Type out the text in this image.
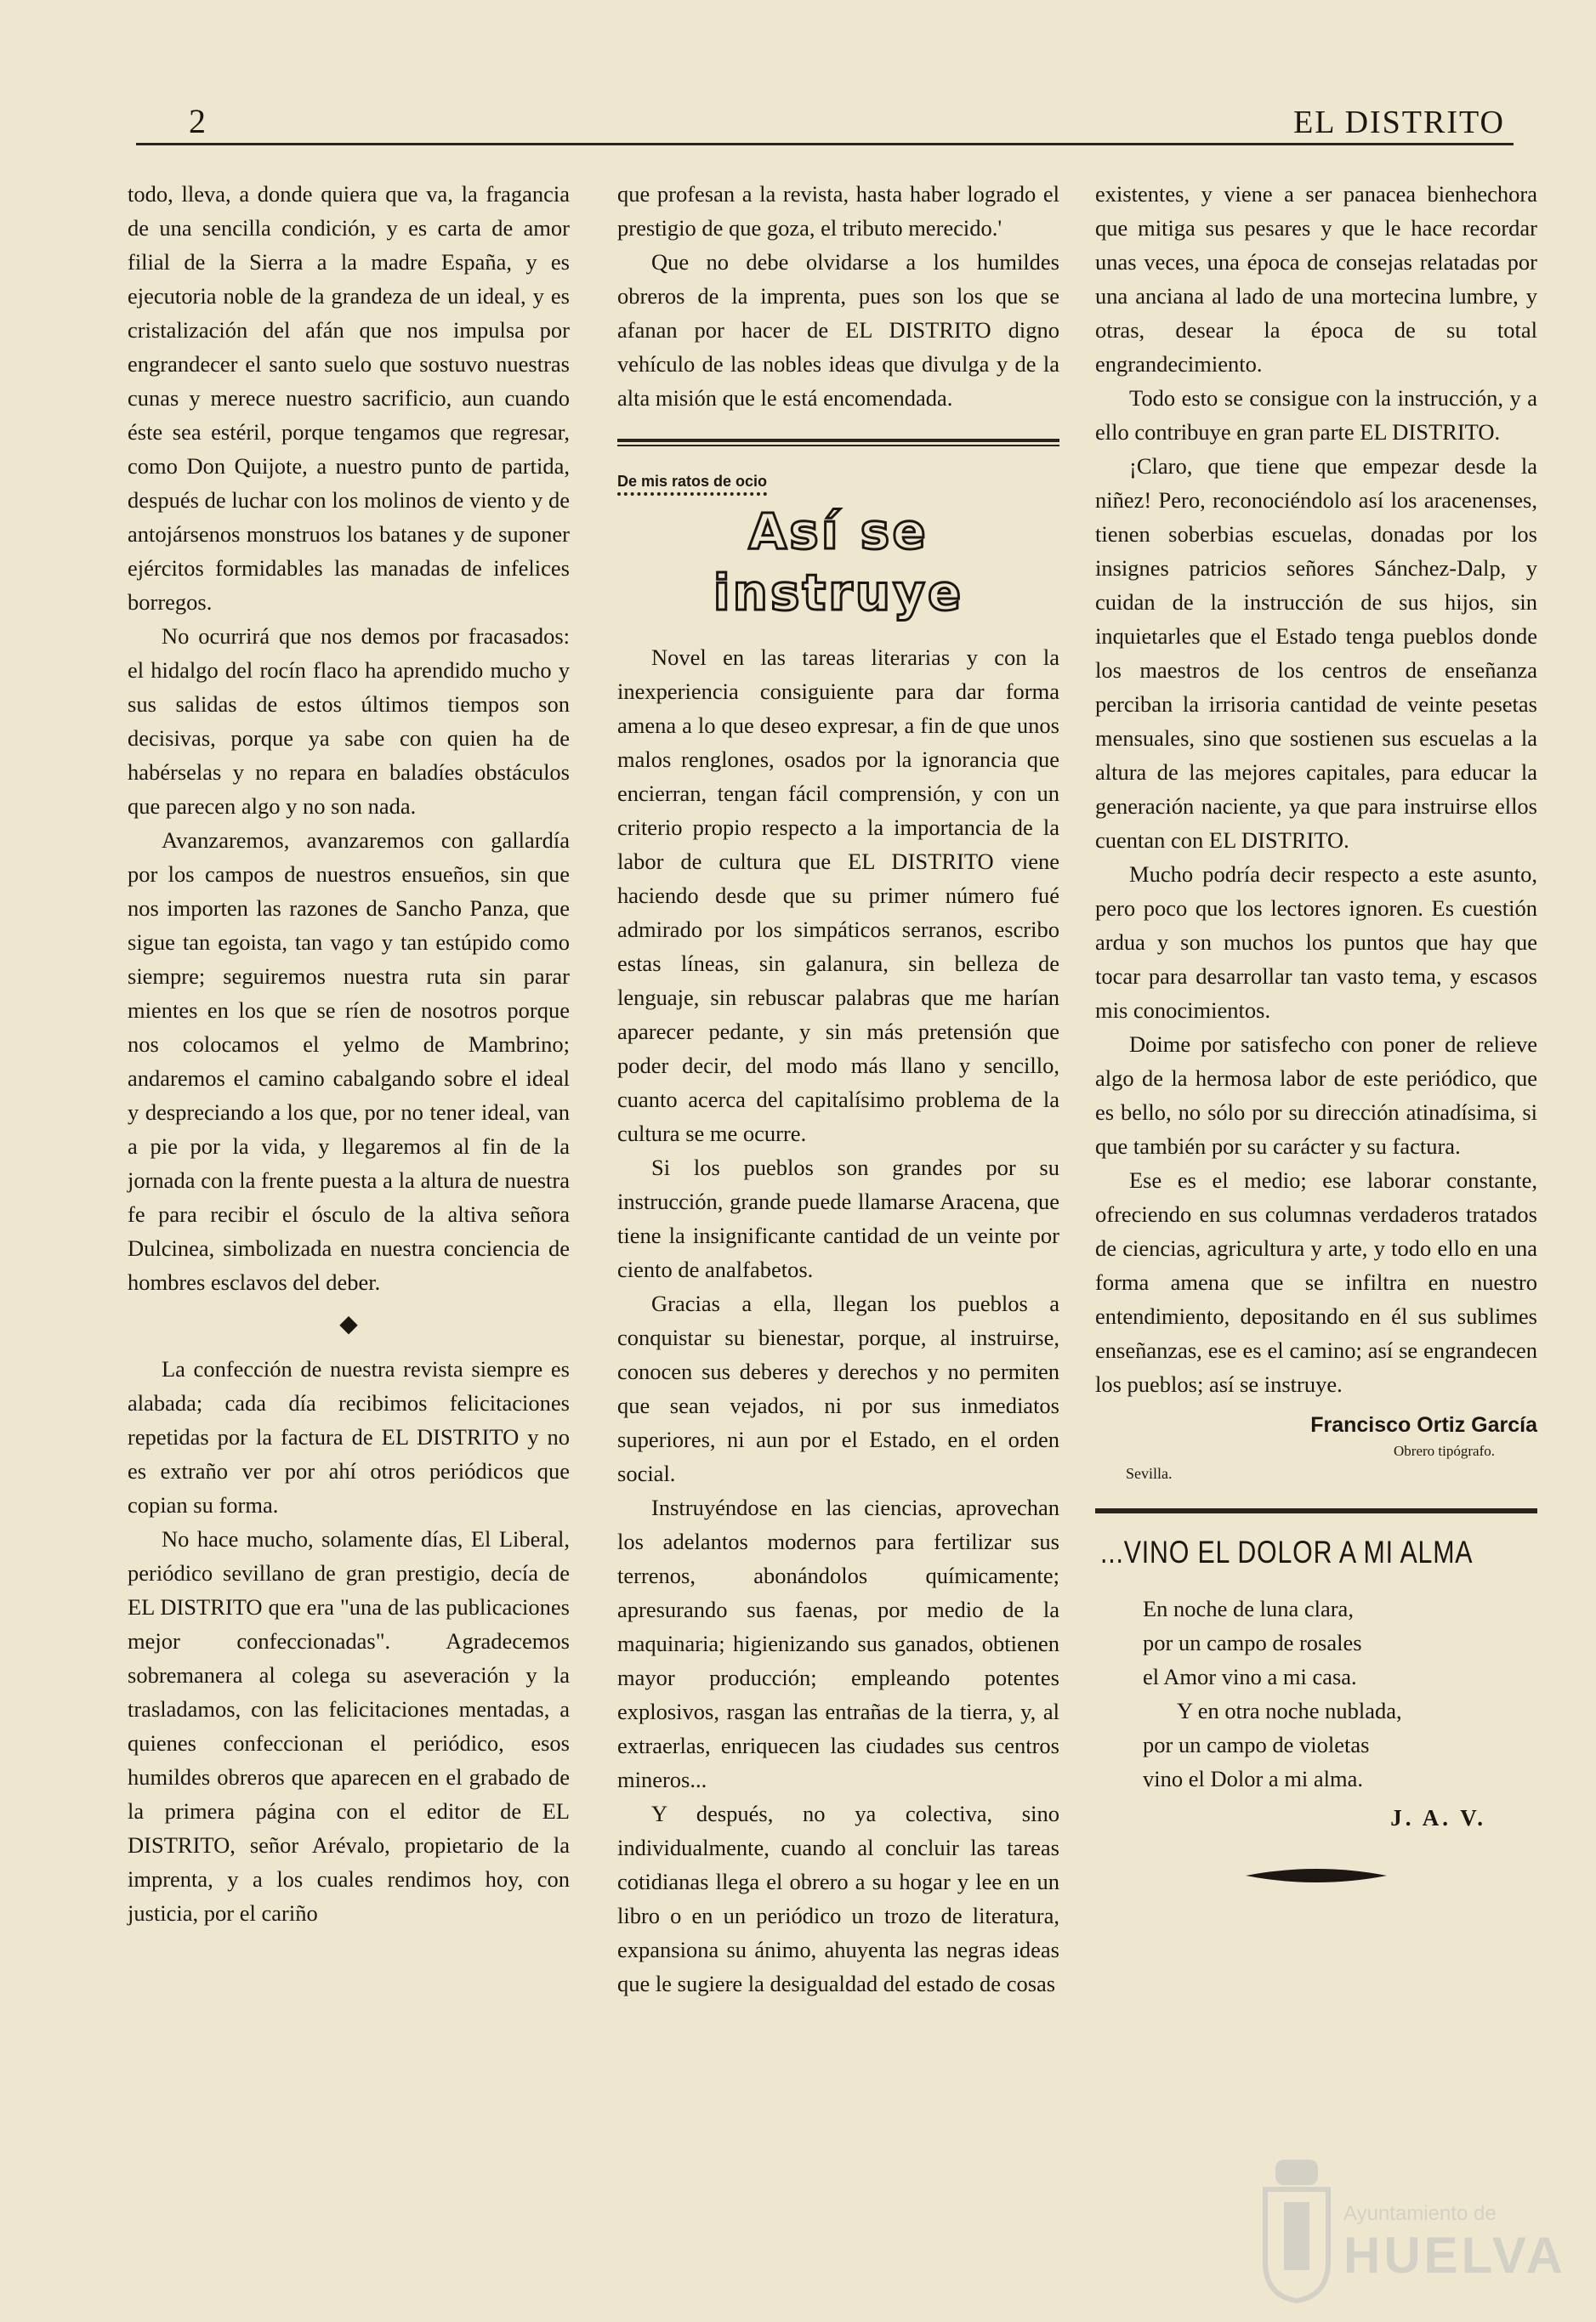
2	EL DISTRITO

todo, lleva, a donde quiera que va, la fragancia de una sencilla condición, y es carta de amor filial de la Sierra a la madre España, y es ejecutoria noble de la grandeza de un ideal, y es cristalización del afán que nos impulsa por engrandecer el santo suelo que sostuvo nuestras cunas y merece nuestro sacrificio, aun cuando éste sea estéril, porque tengamos que regresar, como Don Quijote, a nuestro punto de partida, después de luchar con los molinos de viento y de antojársenos monstruos los batanes y de suponer ejércitos formidables las manadas de infelices borregos.

No ocurrirá que nos demos por fracasados: el hidalgo del rocín flaco ha aprendido mucho y sus salidas de estos últimos tiempos son decisivas, porque ya sabe con quien ha de habérselas y no repara en baladíes obstáculos que parecen algo y no son nada.

Avanzaremos, avanzaremos con gallardía por los campos de nuestros ensueños, sin que nos importen las razones de Sancho Panza, que sigue tan egoista, tan vago y tan estúpido como siempre; seguiremos nuestra ruta sin parar mientes en los que se ríen de nosotros porque nos colocamos el yelmo de Mambrino; andaremos el camino cabalgando sobre el ideal y despreciando a los que, por no tener ideal, van a pie por la vida, y llegaremos al fin de la jornada con la frente puesta a la altura de nuestra fe para recibir el ósculo de la altiva señora Dulcinea, simbolizada en nuestra conciencia de hombres esclavos del deber.

◆

La confección de nuestra revista siempre es alabada; cada día recibimos felicitaciones repetidas por la factura de EL DISTRITO y no es extraño ver por ahí otros periódicos que copian su forma.

No hace mucho, solamente días, El Liberal, periódico sevillano de gran prestigio, decía de EL DISTRITO que era "una de las publicaciones mejor confeccionadas". Agradecemos sobremanera al colega su aseveración y la trasladamos, con las felicitaciones mentadas, a quienes confeccionan el periódico, esos humildes obreros que aparecen en el grabado de la primera página con el editor de EL DISTRITO, señor Arévalo, propietario de la imprenta, y a los cuales rendimos hoy, con justicia, por el cariño

que profesan a la revista, hasta haber logrado el prestigio de que goza, el tributo merecido.'

Que no debe olvidarse a los humildes obreros de la imprenta, pues son los que se afanan por hacer de EL DISTRITO digno vehículo de las nobles ideas que divulga y de la alta misión que le está encomendada.

De mis ratos de ocio
Así se instruye

Novel en las tareas literarias y con la inexperiencia consiguiente para dar forma amena a lo que deseo expresar, a fin de que unos malos renglones, osados por la ignorancia que encierran, tengan fácil comprensión, y con un criterio propio respecto a la importancia de la labor de cultura que EL DISTRITO viene haciendo desde que su primer número fué admirado por los simpáticos serranos, escribo estas líneas, sin galanura, sin belleza de lenguaje, sin rebuscar palabras que me harían aparecer pedante, y sin más pretensión que poder decir, del modo más llano y sencillo, cuanto acerca del capitalísimo problema de la cultura se me ocurre.

Si los pueblos son grandes por su instrucción, grande puede llamarse Aracena, que tiene la insignificante cantidad de un veinte por ciento de analfabetos.

Gracias a ella, llegan los pueblos a conquistar su bienestar, porque, al instruirse, conocen sus deberes y derechos y no permiten que sean vejados, ni por sus inmediatos superiores, ni aun por el Estado, en el orden social.

Instruyéndose en las ciencias, aprovechan los adelantos modernos para fertilizar sus terrenos, abonándolos químicamente; apresurando sus faenas, por medio de la maquinaria; higienizando sus ganados, obtienen mayor producción; empleando potentes explosivos, rasgan las entrañas de la tierra, y, al extraerlas, enriquecen las ciudades sus centros mineros...

Y después, no ya colectiva, sino individualmente, cuando al concluir las tareas cotidianas llega el obrero a su hogar y lee en un libro o en un periódico un trozo de literatura, expansiona su ánimo, ahuyenta las negras ideas que le sugiere la desigualdad del estado de cosas

existentes, y viene a ser panacea bienhechora que mitiga sus pesares y que le hace recordar unas veces, una época de consejas relatadas por una anciana al lado de una mortecina lumbre, y otras, desear la época de su total engrandecimiento.

Todo esto se consigue con la instrucción, y a ello contribuye en gran parte EL DISTRITO.

¡Claro, que tiene que empezar desde la niñez! Pero, reconociéndolo así los aracenenses, tienen soberbias escuelas, donadas por los insignes patricios señores Sánchez-Dalp, y cuidan de la instrucción de sus hijos, sin inquietarles que el Estado tenga pueblos donde los maestros de los centros de enseñanza perciban la irrisoria cantidad de veinte pesetas mensuales, sino que sostienen sus escuelas a la altura de las mejores capitales, para educar la generación naciente, ya que para instruirse ellos cuentan con EL DISTRITO.

Mucho podría decir respecto a este asunto, pero poco que los lectores ignoren. Es cuestión ardua y son muchos los puntos que hay que tocar para desarrollar tan vasto tema, y escasos mis conocimientos.

Doime por satisfecho con poner de relieve algo de la hermosa labor de este periódico, que es bello, no sólo por su dirección atinadísima, si que también por su carácter y su factura.

Ese es el medio; ese laborar constante, ofreciendo en sus columnas verdaderos tratados de ciencias, agricultura y arte, y todo ello en una forma amena que se infiltra en nuestro entendimiento, depositando en él sus sublimes enseñanzas, ese es el camino; así se engrandecen los pueblos; así se instruye.

Francisco Ortiz García
Obrero tipógrafo.
Sevilla.
...VINO EL DOLOR A MI ALMA
En noche de luna clara,
por un campo de rosales
el Amor vino a mi casa.
Y en otra noche nublada,
por un campo de violetas
vino el Dolor a mi alma.
J. A. V.
Ayuntamiento de
HUELVA
